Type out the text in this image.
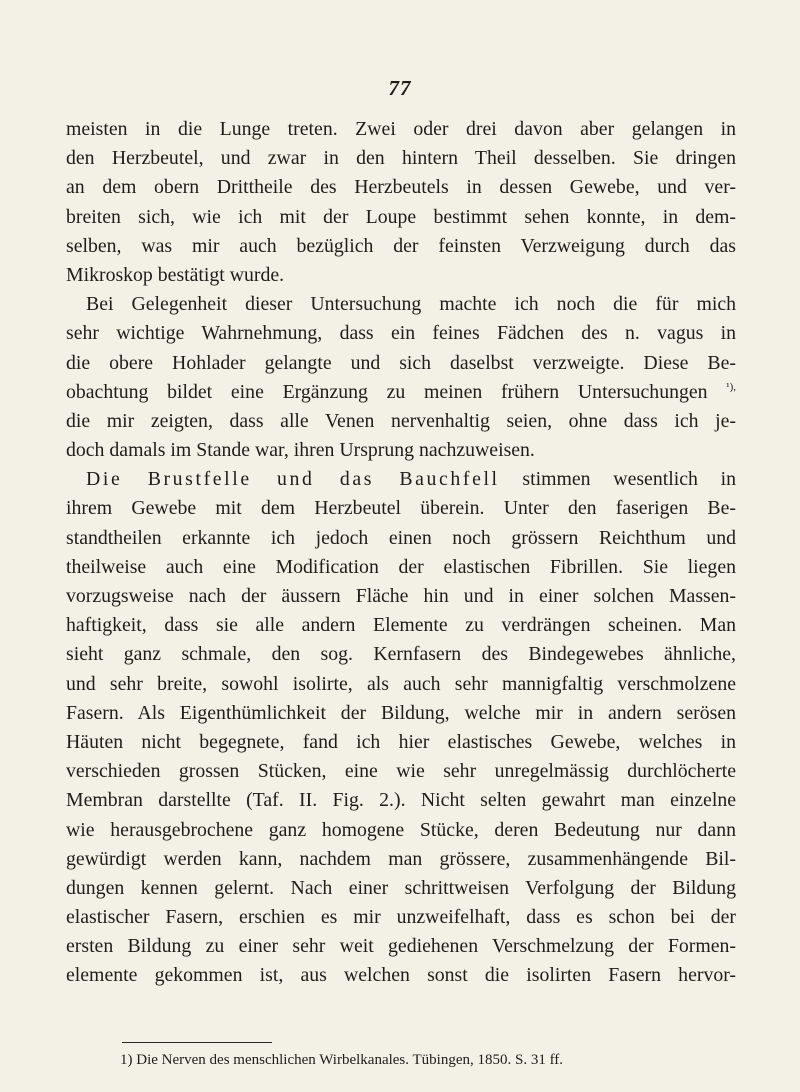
77
meisten in die Lunge treten. Zwei oder drei davon aber gelangen in
den Herzbeutel, und zwar in den hintern Theil desselben. Sie dringen
an dem obern Drittheile des Herzbeutels in dessen Gewebe, und ver-
breiten sich, wie ich mit der Loupe bestimmt sehen konnte, in dem-
selben, was mir auch bezüglich der feinsten Verzweigung durch das
Mikroskop bestätigt wurde.
Bei Gelegenheit dieser Untersuchung machte ich noch die für mich
sehr wichtige Wahrnehmung, dass ein feines Fädchen des n. vagus in
die obere Hohlader gelangte und sich daselbst verzweigte. Diese Be-
obachtung bildet eine Ergänzung zu meinen frühern Untersuchungen $^{^1),}$
die mir zeigten, dass alle Venen nervenhaltig seien, ohne dass ich je-
doch damals im Stande war, ihren Ursprung nachzuweisen.
Die Brustfelle und das Bauchfell stimmen wesentlich in
ihrem Gewebe mit dem Herzbeutel überein. Unter den faserigen Be-
standtheilen erkannte ich jedoch einen noch grössern Reichthum und
theilweise auch eine Modification der elastischen Fibrillen. Sie liegen
vorzugsweise nach der äussern Fläche hin und in einer solchen Massen-
haftigkeit, dass sie alle andern Elemente zu verdrängen scheinen. Man
sieht ganz schmale, den sog. Kernfasern des Bindegewebes ähnliche,
und sehr breite, sowohl isolirte, als auch sehr mannigfaltig verschmolzene
Fasern. Als Eigenthümlichkeit der Bildung, welche mir in andern serösen
Häuten nicht begegnete, fand ich hier elastisches Gewebe, welches in
verschieden grossen Stücken, eine wie sehr unregelmässig durchlöcherte
Membran darstellte (Taf. II. Fig. 2.). Nicht selten gewahrt man einzelne
wie herausgebrochene ganz homogene Stücke, deren Bedeutung nur dann
gewürdigt werden kann, nachdem man grössere, zusammenhängende Bil-
dungen kennen gelernt. Nach einer schrittweisen Verfolgung der Bildung
elastischer Fasern, erschien es mir unzweifelhaft, dass es schon bei der
ersten Bildung zu einer sehr weit gediehenen Verschmelzung der Formen-
elemente gekommen ist, aus welchen sonst die isolirten Fasern hervor-
1) Die Nerven des menschlichen Wirbelkanales. Tübingen, 1850. S. 31 ff.
